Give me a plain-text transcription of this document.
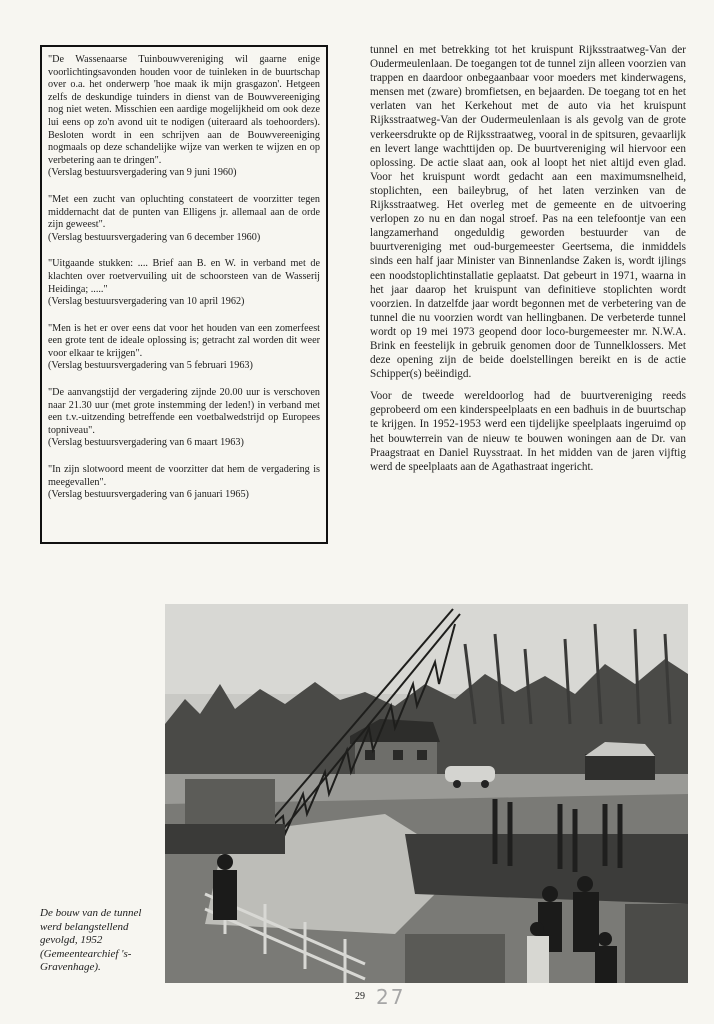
"De Wassenaarse Tuinbouwvereniging wil gaarne enige voorlichtingsavonden houden voor de tuinleken in de buurtschap over o.a. het onderwerp 'hoe maak ik mijn grasgazon'. Hetgeen zelfs de deskundige tuinders in dienst van de Bouwvereeniging nog niet weten. Misschien een aardige mogelijkheid om ook deze lui eens op zo'n avond uit te nodigen (uiteraard als toehoorders). Besloten wordt in een schrijven aan de Bouwvereeniging nogmaals op deze schandelijke wijze van werken te wijzen en op verbetering aan te dringen".
(Verslag bestuursvergadering van 9 juni 1960)
"Met een zucht van opluchting constateert de voorzitter tegen middernacht dat de punten van Elligens jr. allemaal aan de orde zijn geweest".
(Verslag bestuursvergadering van 6 december 1960)
"Uitgaande stukken: .... Brief aan B. en W. in verband met de klachten over roetvervuiling uit de schoorsteen van de Wasserij Heidinga; ....."
(Verslag bestuursvergadering van 10 april 1962)
"Men is het er over eens dat voor het houden van een zomerfeest een grote tent de ideale oplossing is; getracht zal worden dit weer voor elkaar te krijgen".
(Verslag bestuursvergadering van 5 februari 1963)
"De aanvangstijd der vergadering zijnde 20.00 uur is verschoven naar 21.30 uur (met grote instemming der leden!) in verband met een t.v.-uitzending betreffende een voetbalwedstrijd op Europees topniveau".
(Verslag bestuursvergadering van 6 maart 1963)
"In zijn slotwoord meent de voorzitter dat hem de vergadering is meegevallen".
(Verslag bestuursvergadering van 6 januari 1965)

tunnel en met betrekking tot het kruispunt Rijksstraatweg-Van der Oudermeulenlaan. De toegangen tot de tunnel zijn alleen voorzien van trappen en daardoor onbegaanbaar voor moeders met kinderwagens, mensen met (zware) bromfietsen, en bejaarden. De toegang tot en het verlaten van het Kerkehout met de auto via het kruispunt Rijksstraatweg-Van der Oudermeulenlaan is als gevolg van de grote verkeersdrukte op de Rijksstraatweg, vooral in de spitsuren, gevaarlijk en levert lange wachttijden op. De buurtvereniging wil hiervoor een oplossing. De actie slaat aan, ook al loopt het niet altijd even glad. Voor het kruispunt wordt gedacht aan een maximumsnelheid, stoplichten, een baileybrug, of het laten verzinken van de Rijksstraatweg. Het overleg met de gemeente en de uitvoering verlopen zo nu en dan nogal stroef. Pas na een telefoontje van een langzamerhand ongeduldig geworden bestuurder van de buurtvereniging met oud-burgemeester Geertsema, die inmiddels sinds een half jaar Minister van Binnenlandse Zaken is, wordt ijlings een noodstoplichtinstallatie geplaatst. Dat gebeurt in 1971, waarna in het jaar daarop het kruispunt van definitieve stoplichten wordt voorzien. In datzelfde jaar wordt begonnen met de verbetering van de tunnel die nu voorzien wordt van hellingbanen. De verbeterde tunnel wordt op 19 mei 1973 geopend door loco-burgemeester mr. N.W.A. Brink en feestelijk in gebruik genomen door de Tunnelklossers. Met deze opening zijn de beide doelstellingen bereikt en is de actie Schipper(s) beëindigd.

Voor de tweede wereldoorlog had de buurtvereniging reeds geprobeerd om een kinderspeelplaats en een badhuis in de buurtschap te krijgen. In 1952-1953 werd een tijdelijke speelplaats ingeruimd op het bouwterrein van de nieuw te bouwen woningen aan de Dr. van Praagstraat en Daniel Ruysstraat. In het midden van de jaren vijftig werd de speelplaats aan de Agathastraat ingericht.

De bouw van de tunnel werd belangstellend gevolgd, 1952 (Gemeentearchief 's-Gravenhage).
29 27
